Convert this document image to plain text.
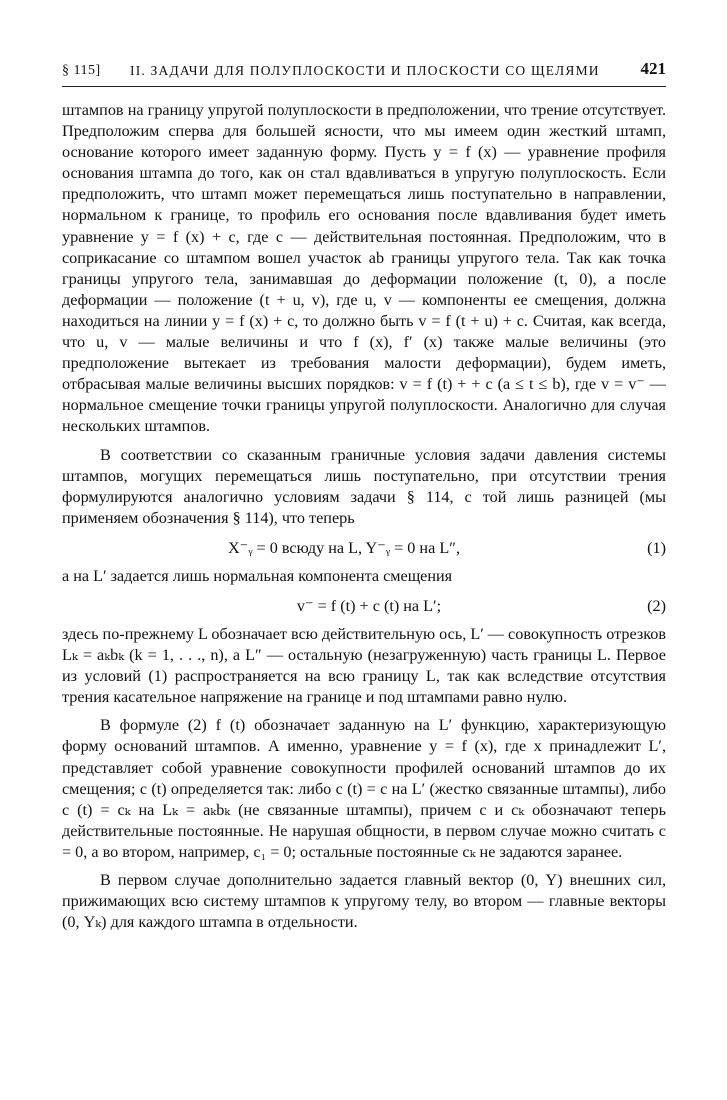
§ 115] II. ЗАДАЧИ ДЛЯ ПОЛУПЛОСКОСТИ И ПЛОСКОСТИ СО ЩЕЛЯМИ 421

штампов на границу упругой полуплоскости в предположении, что трение отсутствует. Предположим сперва для большей ясности, что мы имеем один жесткий штамп, основание которого имеет заданную форму. Пусть y = f (x) — уравнение профиля основания штампа до того, как он стал вдавливаться в упругую полуплоскость. Если предположить, что штамп может перемещаться лишь поступательно в направлении, нормальном к границе, то профиль его основания после вдавливания будет иметь уравнение y = f (x) + c, где c — действительная постоянная. Предположим, что в соприкасание со штампом вошел участок ab границы упругого тела. Так как точка границы упругого тела, занимавшая до деформации положение (t, 0), а после деформации — положение (t + u, v), где u, v — компоненты ее смещения, должна находиться на линии y = f (x) + c, то должно быть v = f (t + u) + c. Считая, как всегда, что u, v — малые величины и что f (x), f′ (x) также малые величины (это предположение вытекает из требования малости деформации), будем иметь, отбрасывая малые величины высших порядков: v = f (t) + + c (a ≤ t ≤ b), где v = v⁻ — нормальное смещение точки границы упругой полуплоскости. Аналогично для случая нескольких штампов.

В соответствии со сказанным граничные условия задачи давления системы штампов, могущих перемещаться лишь поступательно, при отсутствии трения формулируются аналогично условиям задачи § 114, с той лишь разницей (мы применяем обозначения § 114), что теперь

X⁻ᵧ = 0 всюду на L, Y⁻ᵧ = 0 на L″,	(1)

а на L′ задается лишь нормальная компонента смещения

v⁻ = f (t) + c (t) на L′;	(2)

здесь по-прежнему L обозначает всю действительную ось, L′ — совокупность отрезков Lₖ = aₖbₖ (k = 1, . . ., n), а L″ — остальную (незагруженную) часть границы L. Первое из условий (1) распространяется на всю границу L, так как вследствие отсутствия трения касательное напряжение на границе и под штампами равно нулю.

В формуле (2) f (t) обозначает заданную на L′ функцию, характеризующую форму оснований штампов. А именно, уравнение y = f (x), где x принадлежит L′, представляет собой уравнение совокупности профилей оснований штампов до их смещения; c (t) определяется так: либо c (t) = c на L′ (жестко связанные штампы), либо c (t) = cₖ на Lₖ = aₖbₖ (не связанные штампы), причем c и cₖ обозначают теперь действительные постоянные. Не нарушая общности, в первом случае можно считать c = 0, а во втором, например, c₁ = 0; остальные постоянные cₖ не задаются заранее.

В первом случае дополнительно задается главный вектор (0, Y) внешних сил, прижимающих всю систему штампов к упругому телу, во втором — главные векторы (0, Yₖ) для каждого штампа в отдельности.
